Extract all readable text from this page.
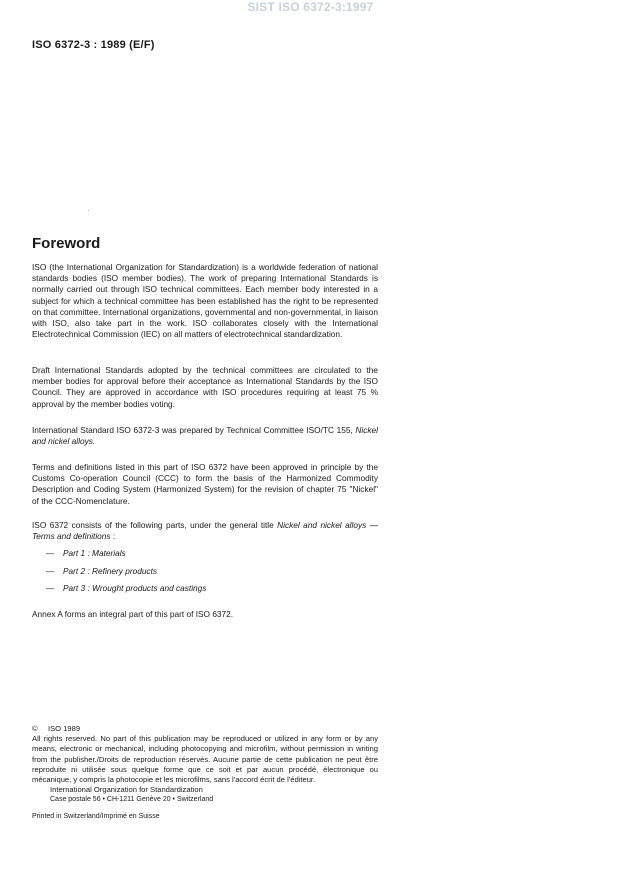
SIST ISO 6372-3:1997
ISO 6372-3 : 1989 (E/F)
Foreword
ISO (the International Organization for Standardization) is a worldwide federation of national standards bodies (ISO member bodies). The work of preparing International Standards is normally carried out through ISO technical committees. Each member body interested in a subject for which a technical committee has been established has the right to be represented on that committee. International organizations, governmental and non-governmental, in liaison with ISO, also take part in the work. ISO collaborates closely with the International Electrotechnical Commission (IEC) on all matters of electrotechnical standardization.
Draft International Standards adopted by the technical committees are circulated to the member bodies for approval before their acceptance as International Standards by the ISO Council. They are approved in accordance with ISO procedures requiring at least 75 % approval by the member bodies voting.
International Standard ISO 6372-3 was prepared by Technical Committee ISO/TC 155, Nickel and nickel alloys.
Terms and definitions listed in this part of ISO 6372 have been approved in principle by the Customs Co-operation Council (CCC) to form the basis of the Harmonized Commodity Description and Coding System (Harmonized System) for the revision of chapter 75 "Nickel" of the CCC-Nomenclature.
ISO 6372 consists of the following parts, under the general title Nickel and nickel alloys — Terms and definitions :
—	Part 1 : Materials
—	Part 2 : Refinery products
—	Part 3 : Wrought products and castings
Annex A forms an integral part of this part of ISO 6372.
© ISO 1989
All rights reserved. No part of this publication may be reproduced or utilized in any form or by any means, electronic or mechanical, including photocopying and microfilm, without permission in writing from the publisher./Droits de reproduction réservés. Aucune partie de cette publication ne peut être reproduite ni utilisée sous quelque forme que ce soit et par aucun procédé, électronique ou mécanique, y compris la photocopie et les microfilms, sans l'accord écrit de l'éditeur.
International Organization for Standardization
Case postale 56 • CH-1211 Genève 20 • Switzerland
Printed in Switzerland/Imprimé en Suisse
